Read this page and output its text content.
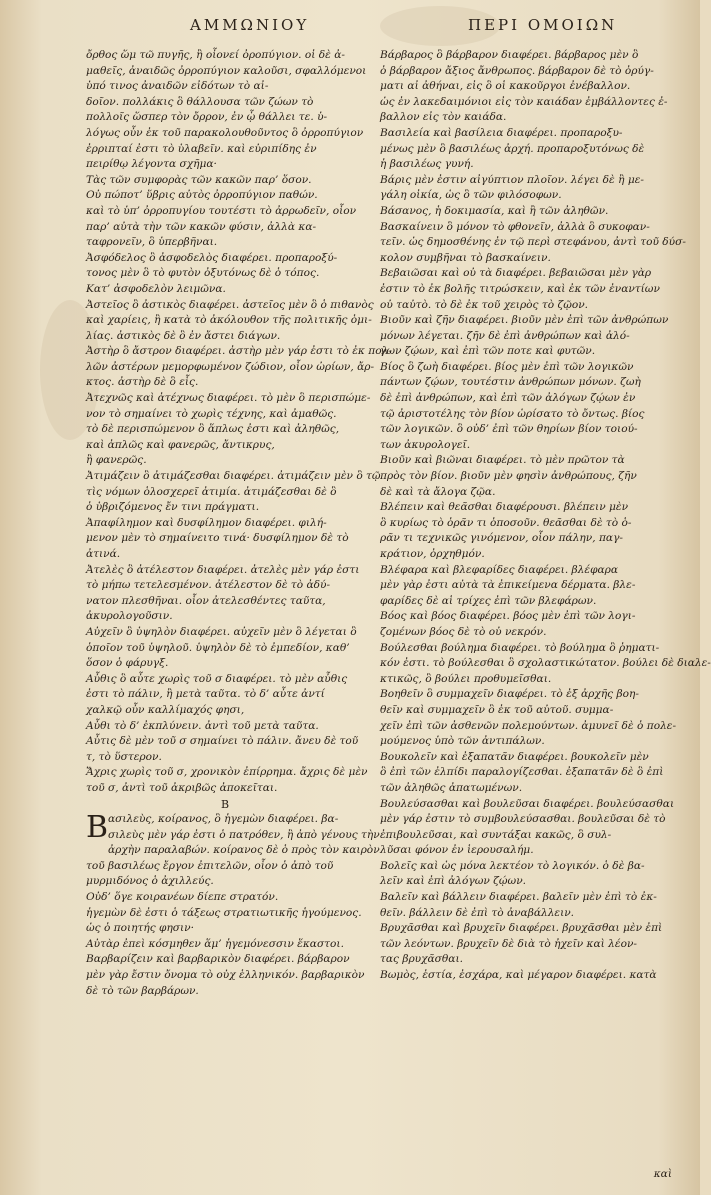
ΑΜΜΩΝΙΟΥ	ΠΕΡΙ ΟΜΟΙΩΝ
ὄρθος ὥμ τῶ πυγῆς, ἢ οἶονεί ὀροπύγιον. οἱ δὲ ἀ-
μαθεῖς, ἀναιδῶς ὀρροπύγιον καλοῦσι, σφαλλόμενοι
ὑπό τινος ἀναιδῶν εἰδότων τὸ αἰ-
δοῖον. πολλάκις ὃ θάλλουσα τῶν ζώων τὸ
πολλοῖς ὥσπερ τὸν ὄρρον, ἐν ᾧ θάλλει τε. ὑ-
λόγως οὖν ἐκ τοῦ παρακολουθοῦντος ὃ ὀρροπύγιον
ἐρριπταί ἐστι τὸ ὑλαβεῖν. καὶ εὐριπίδης ἐν
πειρίθῳ λέγοντα σχῆμα·
Τὰς τῶν συμφορὰς τῶν κακῶν παρ’ ὅσον.
Οὐ πώποτ’ ὕβρις αὐτὸς ὀρροπύγιον παθών.
καὶ τὸ ὑπ’ ὀρροπυγίου τουτέστι τὸ ἀρρωδεῖν, οἷον
παρ’ αὐτὰ τὴν τῶν κακῶν φύσιν, ἀλλὰ κα-
ταφρονεῖν, ὃ ὑπερβῆναι.
Ἀσφόδελος ὃ ἀσφοδελὸς διαφέρει. προπαροξύ-
τονος μὲν ὃ τὸ φυτὸν ὀξυτόνως δὲ ὁ τόπος.
Κατ’ ἀσφοδελὸν λειμῶνα.
Ἀστεῖος ὃ ἀστικὸς διαφέρει. ἀστεῖος μὲν ὃ ὁ πιθανὸς
καὶ χαρίεις, ἢ κατὰ τὸ ἀκόλουθον τῆς πολιτικῆς ὁμι-
λίας. ἀστικὸς δὲ ὃ ἐν ἄστει διάγων.
Ἀστὴρ ὃ ἄστρον διαφέρει. ἀστὴρ μὲν γάρ ἐστι τὸ ἐκ πολ-
λῶν ἀστέρων μεμορφωμένον ζώδιον, οἷον ὠρίων, ἄρ-
κτος. ἀστὴρ δὲ ὃ εἷς.
Ἀτεχνῶς καὶ ἀτέχνως διαφέρει. τὸ μὲν ὃ περισπώμε-
νον τὸ σημαίνει τὸ χωρὶς τέχνης, καὶ ἀμαθῶς.
τὸ δὲ περισπώμενον ὃ ἅπλως ἐστι καὶ ἀληθῶς,
καὶ ἀπλῶς καὶ φανερῶς, ἄντικρυς,
ἢ φανερῶς.
Ἀτιμάζειν ὃ ἀτιμάζεσθαι διαφέρει. ἀτιμάζειν μὲν ὃ τῷ
τὶς νόμων ὁλοσχερεῖ ἀτιμία. ἀτιμάζεσθαι δὲ ὃ
ὁ ὑβριζόμενος ἔν τινι πράγματι.
Ἀπαφίλημον καὶ δυσφίλημον διαφέρει. φιλή-
μενον μὲν τὸ σημαίνειτο τινά· δυσφίλημον δὲ τὸ
ἀτινά.
Ἀτελὲς ὃ ἀτέλεστον διαφέρει. ἀτελὲς μὲν γάρ ἐστι
τὸ μήπω τετελεσμένον. ἀτέλεστον δὲ τὸ ἀδύ-
νατον πλεσθῆναι. οἷον ἀτελεσθέντες ταῦτα,
ἀκυρολογοῦσιν.
Αὐχεῖν ὃ ὑψηλὸν διαφέρει. αὐχεῖν μὲν ὃ λέγεται ὃ
ὁποῖον τοῦ ὑψηλοῦ. ὑψηλὸν δὲ τὸ ἐμπεδίον, καθ’
ὅσον ὁ φάρυγξ.
Αὖθις ὃ αὖτε χωρὶς τοῦ σ διαφέρει. τὸ μὲν αὖθις
ἐστι τὸ πάλιν, ἢ μετὰ ταῦτα. τὸ δ’ αὖτε ἀντί
χαλκῷ οὖν καλλίμαχός φησι,
Αὖθι τὸ δ’ ἐκπλύνειν. ἀντὶ τοῦ μετὰ ταῦτα.
Αὖτις δὲ μὲν τοῦ σ σημαίνει τὸ πάλιν. ἄνευ δὲ τοῦ
τ, τὸ ὕστερον.
Ἄχρις χωρὶς τοῦ σ, χρονικὸν ἐπίρρημα. ἄχρις δὲ μὲν
τοῦ σ, ἀντὶ τοῦ ἀκριβῶς ἀποκεῖται.
Β
Β ασιλεὺς, κοίρανος, ὃ ἡγεμὼν διαφέρει. βα-
σιλεὺς μὲν γάρ ἐστι ὁ πατρόθεν, ἢ ἀπὸ γένους τὴν
ἀρχὴν παραλαβών. κοίρανος δὲ ὁ πρὸς τὸν καιρὸν
τοῦ βασιλέως ἔργον ἐπιτελῶν, οἷον ὁ ἀπὸ τοῦ
μυρμιδόνος ὁ ἀχιλλεύς.
Οὐδ’ ὅγε κοιρανέων δίεπε στρατόν.
ἡγεμὼν δὲ ἐστι ὁ τάξεως στρατιωτικῆς ἡγούμενος.
ὡς ὁ ποιητής φησιν·
Αὐτὰρ ἐπεὶ κόσμηθεν ἅμ’ ἡγεμόνεσσιν ἕκαστοι.
Βαρβαρίζειν καὶ βαρβαρικὸν διαφέρει. βάρβαρον
μὲν γὰρ ἔστιν ὄνομα τὸ οὐχ ἑλληνικόν. βαρβαρικὸν
δὲ τὸ τῶν βαρβάρων.
Βάρβαρος ὃ βάρβαρον διαφέρει. βάρβαρος μὲν ὃ
ὁ βάρβαρον ἄξιος ἄνθρωπος. βάρβαρον δὲ τὸ ὀρύγ-
ματι αἰ ἀθήναι, εἰς ὃ οἱ κακοῦργοι ἐνέβαλλον.
ὡς ἐν λακεδαιμόνιοι εἰς τὸν καιάδαν ἐμβάλλοντες ἐ-
βαλλον εἰς τὸν καιάδα.
Βασιλεία καὶ βασίλεια διαφέρει. προπαροξυ-
μένως μὲν ὃ βασιλέως ἀρχή. προπαροξυτόνως δὲ
ἡ βασιλέως γυνή.
Βάρις μὲν ἐστιν αἰγύπτιον πλοῖον. λέγει δὲ ἢ με-
γάλη οἰκία, ὡς ὃ τῶν φιλόσοφων.
Βάσανος, ἡ δοκιμασία, καὶ ἢ τῶν ἀληθῶν.
Βασκαίνειν ὃ μόνον τὸ φθονεῖν, ἀλλὰ ὃ συκοφαν-
τεῖν. ὡς δημοσθένης ἐν τῷ περὶ στεφάνου, ἀντὶ τοῦ δύσ-
κολον συμβῆναι τὸ βασκαίνειν.
Βεβαιῶσαι καὶ οὐ τὰ διαφέρει. βεβαιῶσαι μὲν γὰρ
ἐστιν τὸ ἐκ βολῆς τιτρώσκειν, καὶ ἐκ τῶν ἐναντίων
οὐ ταὐτὸ. τὸ δὲ ἐκ τοῦ χειρὸς τὸ ζῷον.
Βιοῦν καὶ ζῆν διαφέρει. βιοῦν μὲν ἐπὶ τῶν ἀνθρώπων
μόνων λέγεται. ζῆν δὲ ἐπὶ ἀνθρώπων καὶ ἀλό-
γων ζῴων, καὶ ἐπὶ τῶν ποτε καὶ φυτῶν.
Βίος ὃ ζωὴ διαφέρει. βίος μὲν ἐπὶ τῶν λογικῶν
πάντων ζῴων, τουτέστιν ἀνθρώπων μόνων. ζωὴ
δὲ ἐπὶ ἀνθρώπων, καὶ ἐπὶ τῶν ἀλόγων ζῴων ἐν
τῷ ἀριστοτέλης τὸν βίον ὡρίσατο τὸ ὄντως. βίος
τῶν λογικῶν. ὃ οὐδ’ ἐπὶ τῶν θηρίων βίον τοιού-
των ἀκυρολογεῖ.
Βιοῦν καὶ βιῶναι διαφέρει. τὸ μὲν πρῶτον τὰ
πρὸς τὸν βίον. βιοῦν μὲν φησὶν ἀνθρώπους, ζῆν
δὲ καὶ τὰ ἄλογα ζῷα.
Βλέπειν καὶ θεᾶσθαι διαφέρουσι. βλέπειν μὲν
ὃ κυρίως τὸ ὁρᾶν τι ὁποσοῦν. θεᾶσθαι δὲ τὸ ὁ-
ρᾶν τι τεχνικῶς γινόμενον, οἷον πάλην, παγ-
κράτιον, ὀρχηθμόν.
Βλέφαρα καὶ βλεφαρίδες διαφέρει. βλέφαρα
μὲν γὰρ ἐστι αὐτὰ τὰ ἐπικείμενα δέρματα. βλε-
φαρίδες δὲ αἱ τρίχες ἐπὶ τῶν βλεφάρων.
Βόος καὶ βόος διαφέρει. βόος μὲν ἐπὶ τῶν λογι-
ζομένων βόος δὲ τὸ οὐ νεκρόν.
Βούλεσθαι βούλημα διαφέρει. τὸ βούλημα ὃ ῥηματι-
κόν ἐστι. τὸ βούλεσθαι ὃ σχολαστικώτατον. βούλει δὲ διαλε-
κτικῶς, ὃ βούλει προθυμεῖσθαι.
Βοηθεῖν ὃ συμμαχεῖν διαφέρει. τὸ ἐξ ἀρχῆς βοη-
θεῖν καὶ συμμαχεῖν ὃ ἐκ τοῦ αὐτοῦ. συμμα-
χεῖν ἐπὶ τῶν ἀσθενῶν πολεμούντων. ἀμυνεῖ δὲ ὁ πολε-
μούμενος ὑπὸ τῶν ἀντιπάλων.
Βουκολεῖν καὶ ἐξαπατᾶν διαφέρει. βουκολεῖν μὲν
ὃ ἐπὶ τῶν ἐλπίδι παραλογίζεσθαι. ἐξαπατᾶν δὲ ὃ ἐπὶ
τῶν ἀληθῶς ἀπατωμένων.
Βουλεύσασθαι καὶ βουλεῦσαι διαφέρει. βουλεύσασθαι
μὲν γάρ ἐστιν τὸ συμβουλεύσασθαι. βουλεῦσαι δὲ τὸ
ἐπιβουλεῦσαι, καὶ συντάξαι κακῶς, ὃ συλ-
λῦσαι φόνον ἐν ἱερουσαλήμ.
Βολεῖς καὶ ὡς μόνα λεκτέον τὸ λογικόν. ὁ δὲ βα-
λεῖν καὶ ἐπὶ ἀλόγων ζῴων.
Βαλεῖν καὶ βάλλειν διαφέρει. βαλεῖν μὲν ἐπὶ τὸ ἐκ-
θεῖν. βάλλειν δὲ ἐπὶ τὸ ἀναβάλλειν.
Βρυχᾶσθαι καὶ βρυχεῖν διαφέρει. βρυχᾶσθαι μὲν ἐπὶ
τῶν λεόντων. βρυχεῖν δὲ διὰ τὸ ἠχεῖν καὶ λέον-
τας βρυχᾶσθαι.
Βωμὸς, ἑστία, ἐσχάρα, καὶ μέγαρον διαφέρει. κατὰ
καὶ
